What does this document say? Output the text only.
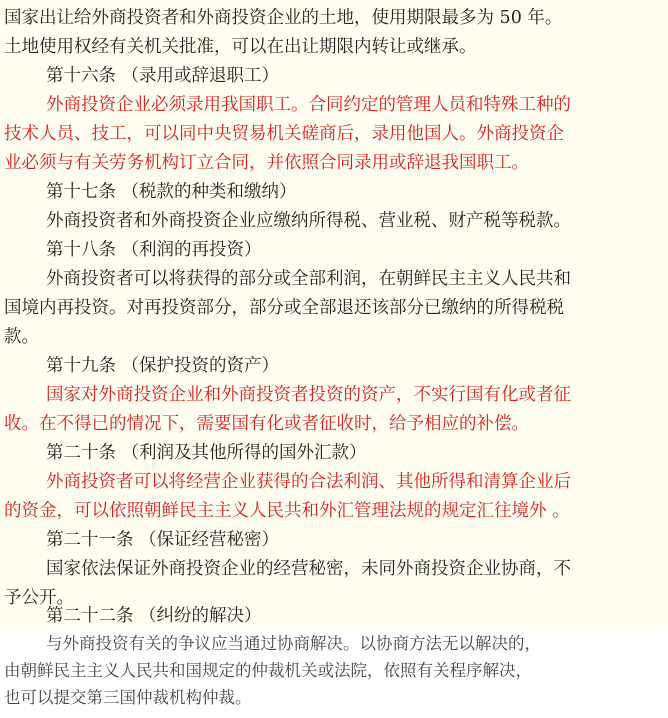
国家出让给外商投资者和外商投资企业的土地，使用期限最多为 50 年。
土地使用权经有关机关批准，可以在出让期限内转让或继承。
第十六条 （录用或辞退职工）
外商投资企业必须录用我国职工。合同约定的管理人员和特殊工种的
技术人员、技工，可以同中央贸易机关磋商后，录用他国人。外商投资企
业必须与有关劳务机构订立合同，并依照合同录用或辞退我国职工。
第十七条 （税款的种类和缴纳）
外商投资者和外商投资企业应缴纳所得税、营业税、财产税等税款。
第十八条 （利润的再投资）
外商投资者可以将获得的部分或全部利润，在朝鲜民主主义人民共和
国境内再投资。对再投资部分，部分或全部退还该部分已缴纳的所得税税
款。
第十九条 （保护投资的资产）
国家对外商投资企业和外商投资者投资的资产，不实行国有化或者征
收。在不得已的情况下，需要国有化或者征收时，给予相应的补偿。
第二十条 （利润及其他所得的国外汇款）
外商投资者可以将经营企业获得的合法利润、其他所得和清算企业后
的资金，可以依照朝鲜民主主义人民共和外汇管理法规的规定汇往境外 。
第二十一条 （保证经营秘密）
国家依法保证外商投资企业的经营秘密，未同外商投资企业协商，不
予公开。
第二十二条 （纠纷的解决）
与外商投资有关的争议应当通过协商解决。以协商方法无以解决的，
由朝鲜民主主义人民共和国规定的仲裁机关或法院，依照有关程序解决，
也可以提交第三国仲裁机构仲裁。
